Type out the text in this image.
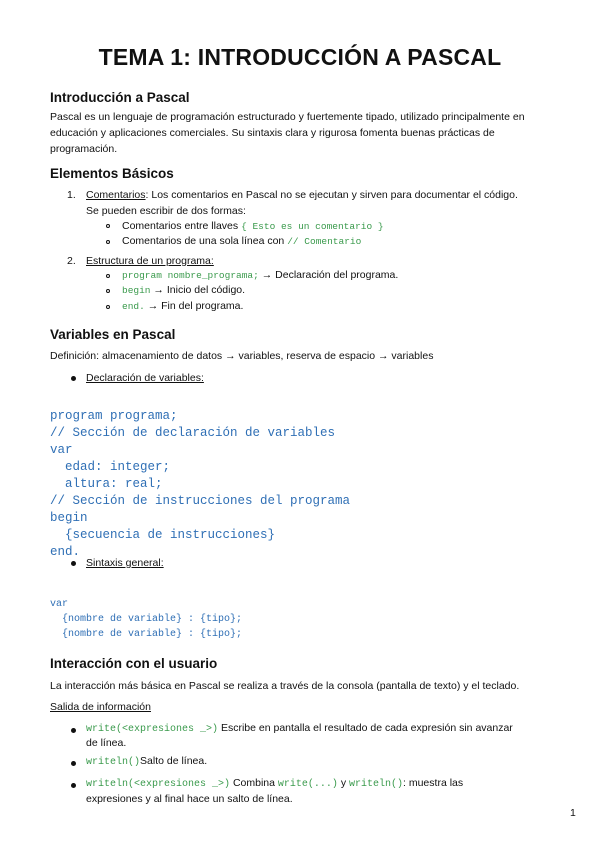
TEMA 1: INTRODUCCIÓN A PASCAL
Introducción a Pascal
Pascal es un lenguaje de programación estructurado y fuertemente tipado, utilizado principalmente en educación y aplicaciones comerciales. Su sintaxis clara y rigurosa fomenta buenas prácticas de programación.
Elementos Básicos
1. Comentarios: Los comentarios en Pascal no se ejecutan y sirven para documentar el código.
Se pueden escribir de dos formas:
Comentarios entre llaves { Esto es un comentario }
Comentarios de una sola línea con // Comentario
2. Estructura de un programa:
program nombre_programa; → Declaración del programa.
begin → Inicio del código.
end. → Fin del programa.
Variables en Pascal
Definición: almacenamiento de datos → variables, reserva de espacio → variables
Declaración de variables:

program programa;
// Sección de declaración de variables
var
edad: integer;
altura: real;
// Sección de instrucciones del programa
begin
{secuencia de instrucciones}
end.

Sintaxis general:

var
{nombre de variable} : {tipo};
{nombre de variable} : {tipo};

Interacción con el usuario
La interacción más básica en Pascal se realiza a través de la consola (pantalla de texto) y el teclado.
Salida de información
write(<expresiones _>) Escribe en pantalla el resultado de cada expresión sin avanzar
de línea.
writeln()Salto de línea.
writeln(<expresiones _>) Combina write(...) y writeln(): muestra las
expresiones y al final hace un salto de línea.
1
